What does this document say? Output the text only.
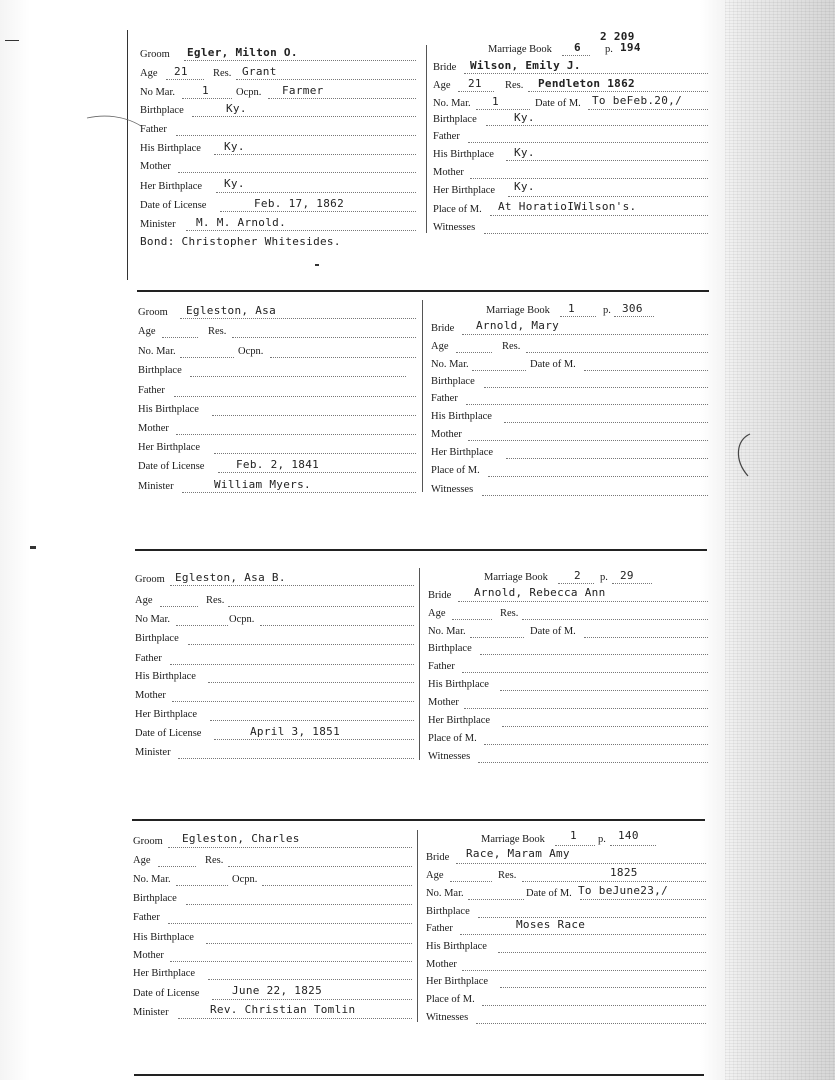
2 209
Groom Egler, Milton O.
Age 21 Res. Grant
No Mar. 1	Ocpn. Farmer
Birthplace	Ky.
Father
His Birthplace Ky.
Mother
Her Birthplace Ky.
Date of License	Feb. 17, 1862
Minister M. M. Arnold.
Bond: Christopher Whitesides.
Marriage Book 6 p. 194
Bride Wilson, Emily J.
Age 21 Res. Pendleton 1862
No. Mar. 1	Date of M. To beFeb.20,/
Birthplace	Ky.
Father
His Birthplace Ky.
Mother
Her Birthplace Ky.
Place of M. At HoratioIWilson's.
Witnesses
Groom Egleston, Asa
Age	Res.
No. Mar.	Ocpn.
Birthplace
Father
His Birthplace
Mother
Her Birthplace
Date of License	Feb. 2, 1841
Minister	William Myers.
Marriage Book 1	p. 306
Bride Arnold, Mary
Age	Res.
No. Mar.	Date of M.
Birthplace
Father
His Birthplace
Mother
Her Birthplace
Place of M.
Witnesses
Groom Egleston, Asa B.
Age	Res.
No Mar.	Ocpn.
Birthplace
Father
His Birthplace
Mother
Her Birthplace
Date of License	April 3, 1851
Minister
Marriage Book 2 p. 29
Bride Arnold, Rebecca Ann
Age	Res.
No. Mar.	Date of M.
Birthplace
Father
His Birthplace
Mother
Her Birthplace
Place of M.
Witnesses
Groom Egleston, Charles
Age	Res.
No. Mar.	Ocpn.
Birthplace
Father
His Birthplace
Mother
Her Birthplace
Date of License	June 22, 1825
Minister	Rev. Christian Tomlin
Marriage Book 1 p. 140
Bride Race, Maram Amy
Age	Res.	1825
No. Mar.	Date of M. To beJune23,/
Birthplace
Father	Moses Race
His Birthplace
Mother
Her Birthplace
Place of M.
Witnesses
